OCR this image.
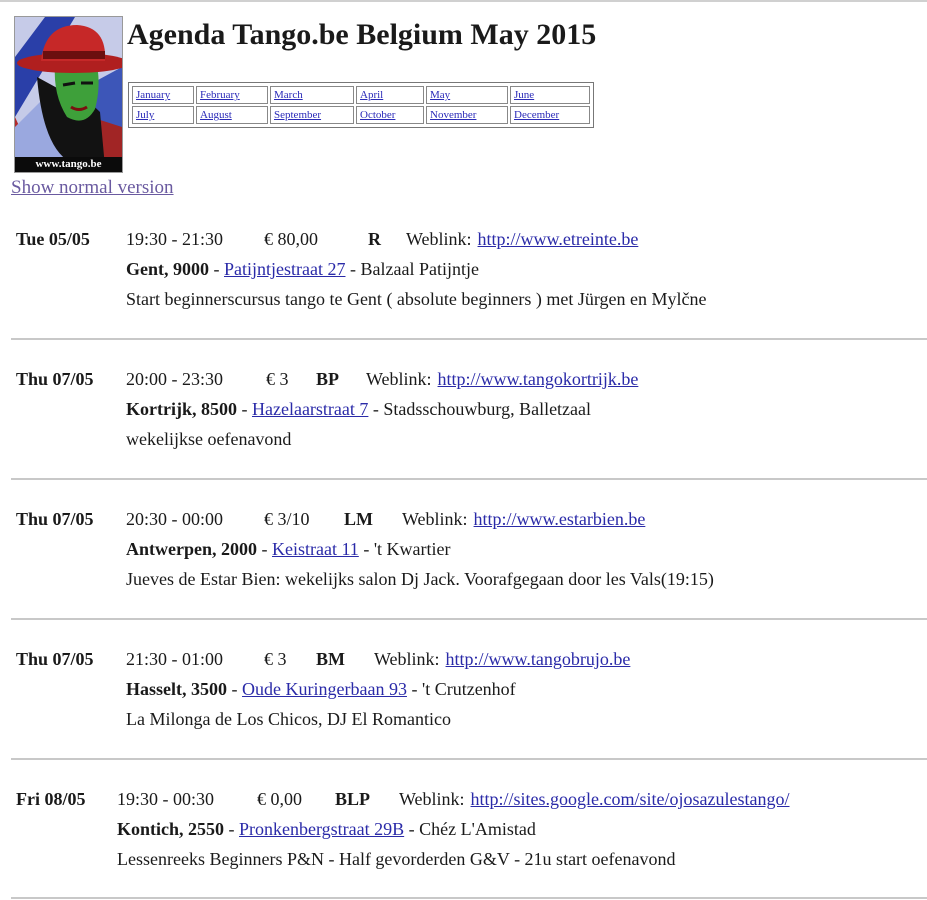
www.tango.be
Agenda Tango.be Belgium May 2015
January	February	March	April	May	June
July	August	September	October	November	December
Show normal version
Tue 05/05	19:30 - 21:30	€ 80,00	R	Weblink: http://www.etreinte.be
Gent, 9000 - Patijntjestraat 27 - Balzaal Patijntje
Start beginnerscursus tango te Gent ( absolute beginners ) met Jürgen en Mylčne
Thu 07/05	20:00 - 23:30	€ 3	BP	Weblink: http://www.tangokortrijk.be
Kortrijk, 8500 - Hazelaarstraat 7 - Stadsschouwburg, Balletzaal
wekelijkse oefenavond
Thu 07/05	20:30 - 00:00	€ 3/10	LM	Weblink: http://www.estarbien.be
Antwerpen, 2000 - Keistraat 11 - 't Kwartier
Jueves de Estar Bien: wekelijks salon Dj Jack. Voorafgegaan door les Vals(19:15)
Thu 07/05	21:30 - 01:00	€ 3	BM	Weblink: http://www.tangobrujo.be
Hasselt, 3500 - Oude Kuringerbaan 93 - 't Crutzenhof
La Milonga de Los Chicos, DJ El Romantico
Fri 08/05	19:30 - 00:30	€ 0,00	BLP	Weblink: http://sites.google.com/site/ojosazulestango/
Kontich, 2550 - Pronkenbergstraat 29B - Chéz L'Amistad
Lessenreeks Beginners P&N - Half gevorderden G&V - 21u start oefenavond
